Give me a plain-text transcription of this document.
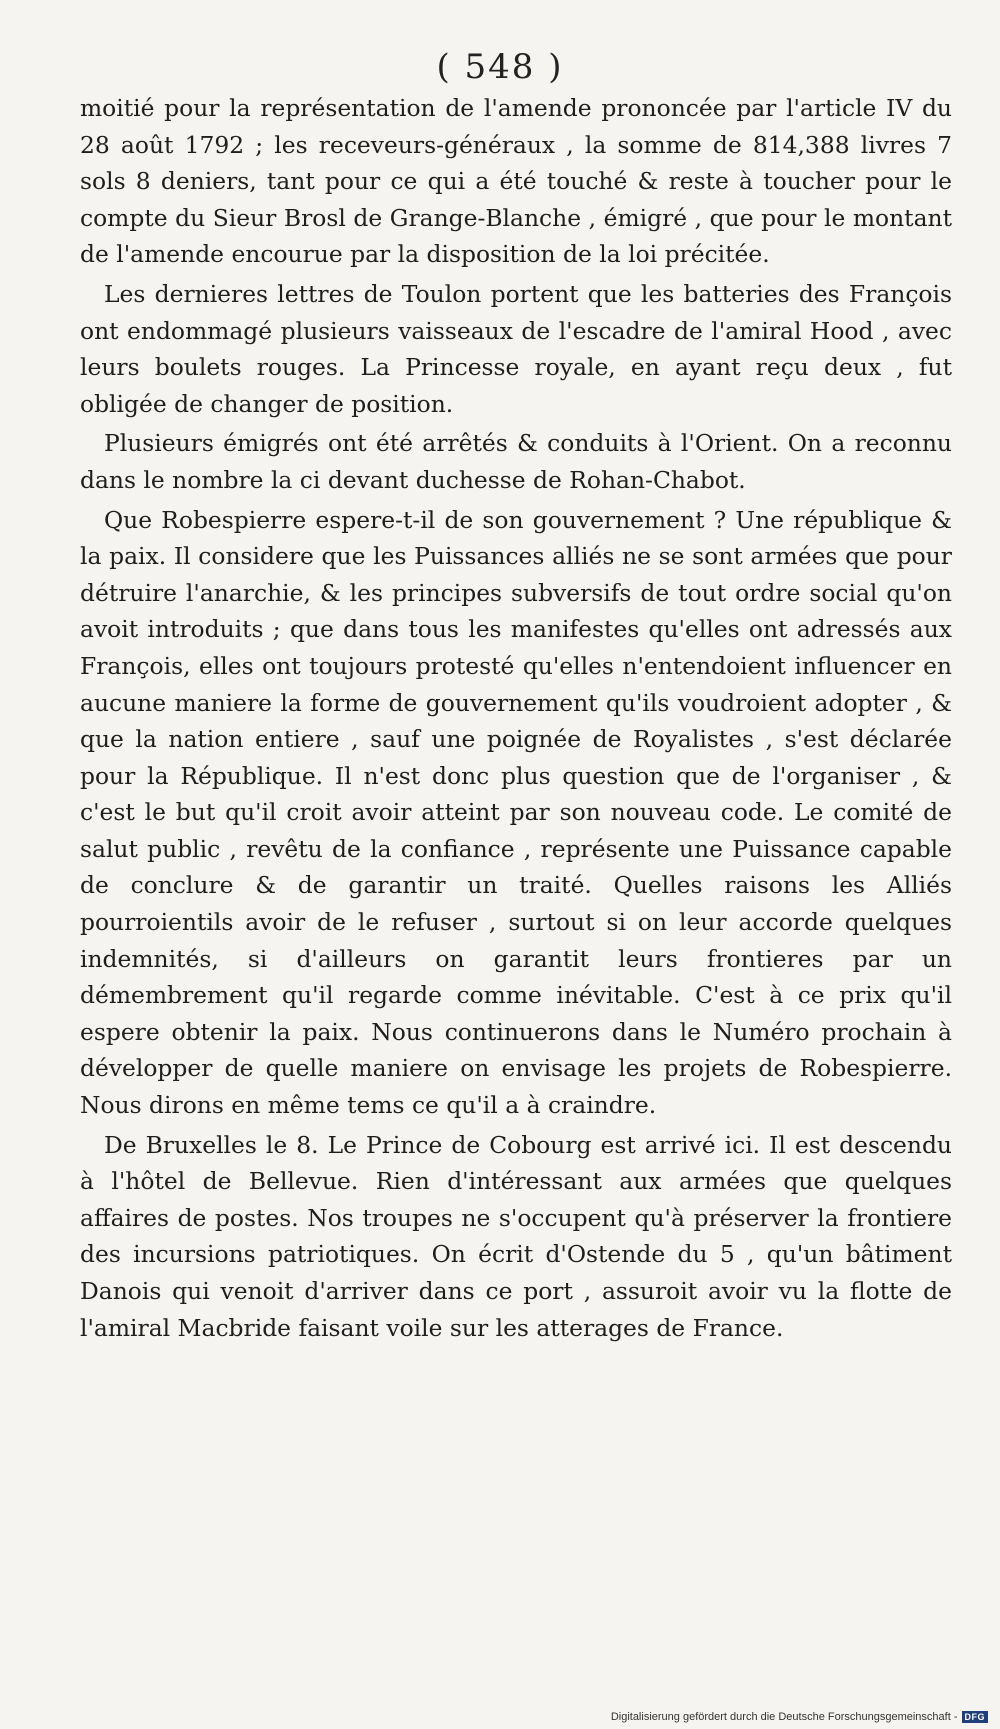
( 548 )

moitié pour la représentation de l'amende prononcée par l'article IV du 28 août 1792 ; les receveurs-généraux , la somme de 814,388 livres 7 sols 8 deniers, tant pour ce qui a été touché & reste à toucher pour le compte du Sieur Brosl de Grange-Blanche , émigré , que pour le montant de l'amende encourue par la disposition de la loi précitée.

Les dernieres lettres de Toulon portent que les batteries des François ont endommagé plusieurs vaisseaux de l'escadre de l'amiral Hood , avec leurs boulets rouges. La Princesse royale, en ayant reçu deux , fut obligée de changer de position.

Plusieurs émigrés ont été arrêtés & conduits à l'Orient. On a reconnu dans le nombre la ci devant duchesse de Rohan-Chabot.

Que Robespierre espere-t-il de son gouvernement ? Une république & la paix. Il considere que les Puissances alliés ne se sont armées que pour détruire l'anarchie, & les principes subversifs de tout ordre social qu'on avoit introduits ; que dans tous les manifestes qu'elles ont adressés aux François, elles ont toujours protesté qu'elles n'entendoient influencer en aucune maniere la forme de gouvernement qu'ils voudroient adopter , & que la nation entiere , sauf une poignée de Royalistes , s'est déclarée pour la République. Il n'est donc plus question que de l'organiser , & c'est le but qu'il croit avoir atteint par son nouveau code. Le comité de salut public , revêtu de la confiance , représente une Puissance capable de conclure & de garantir un traité. Quelles raisons les Alliés pourroientils avoir de le refuser , surtout si on leur accorde quelques indemnités, si d'ailleurs on garantit leurs frontieres par un démembrement qu'il regarde comme inévitable. C'est à ce prix qu'il espere obtenir la paix. Nous continuerons dans le Numéro prochain à développer de quelle maniere on envisage les projets de Robespierre. Nous dirons en même tems ce qu'il a à craindre.

De Bruxelles le 8. Le Prince de Cobourg est arrivé ici. Il est descendu à l'hôtel de Bellevue. Rien d'intéressant aux armées que quelques affaires de postes. Nos troupes ne s'occupent qu'à préserver la frontiere des incursions patriotiques. On écrit d'Ostende du 5 , qu'un bâtiment Danois qui venoit d'arriver dans ce port , assuroit avoir vu la flotte de l'amiral Macbride faisant voile sur les atterages de France.

Digitalisierung gefördert durch die Deutsche Forschungsgemeinschaft - DFG
